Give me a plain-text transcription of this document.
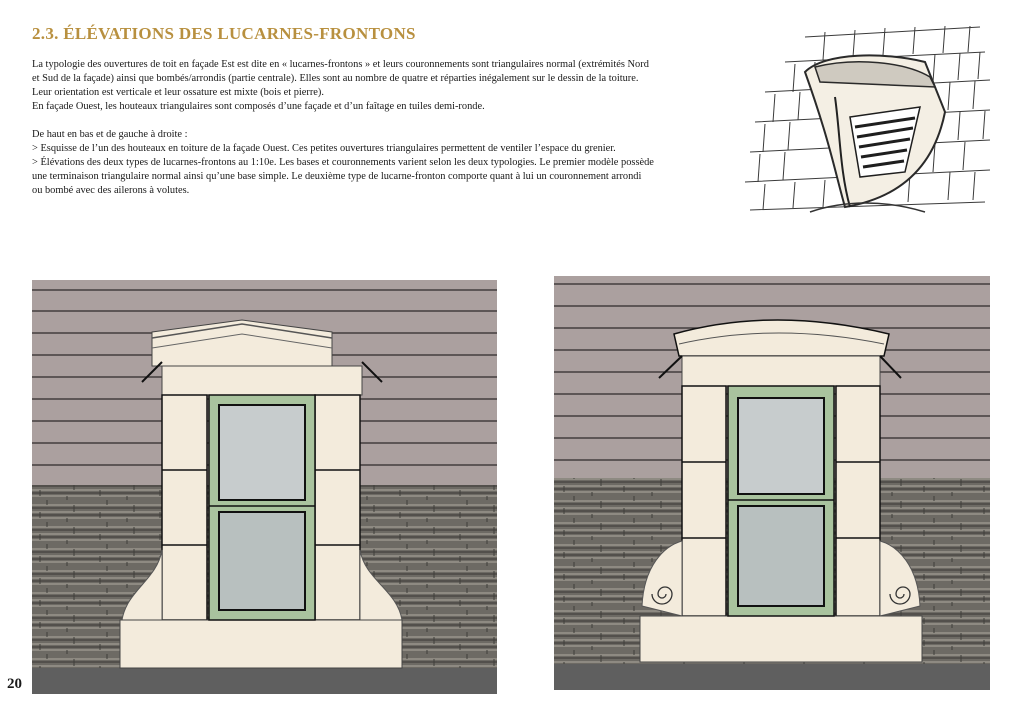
2.3. ÉLÉVATIONS DES LUCARNES-FRONTONS

La typologie des ouvertures de toit en façade Est est dite en « lucarnes-frontons » et leurs couronnements sont triangulaires normal (extrémités Nord

et Sud de la façade) ainsi que bombés/arrondis (partie centrale). Elles sont au nombre de quatre et réparties inégalement sur le dessin de la toiture.

Leur orientation est verticale et leur ossature est mixte (bois et pierre).

En façade Ouest, les houteaux triangulaires sont composés d’une façade et d’un faîtage en tuiles demi-ronde.

De haut en bas et de gauche à droite :

> Esquisse de l’un des houteaux en toiture de la façade Ouest. Ces petites ouvertures triangulaires permettent de ventiler l’espace du grenier.

> Élévations des deux types de lucarnes-frontons au 1:10e. Les bases et couronnements varient selon les deux typologies. Le premier modèle possède

une terminaison triangulaire normal ainsi qu’une base simple. Le deuxième type de lucarne-fronton comporte quant à lui un couronnement arrondi

ou bombé avec des ailerons à volutes.

20
